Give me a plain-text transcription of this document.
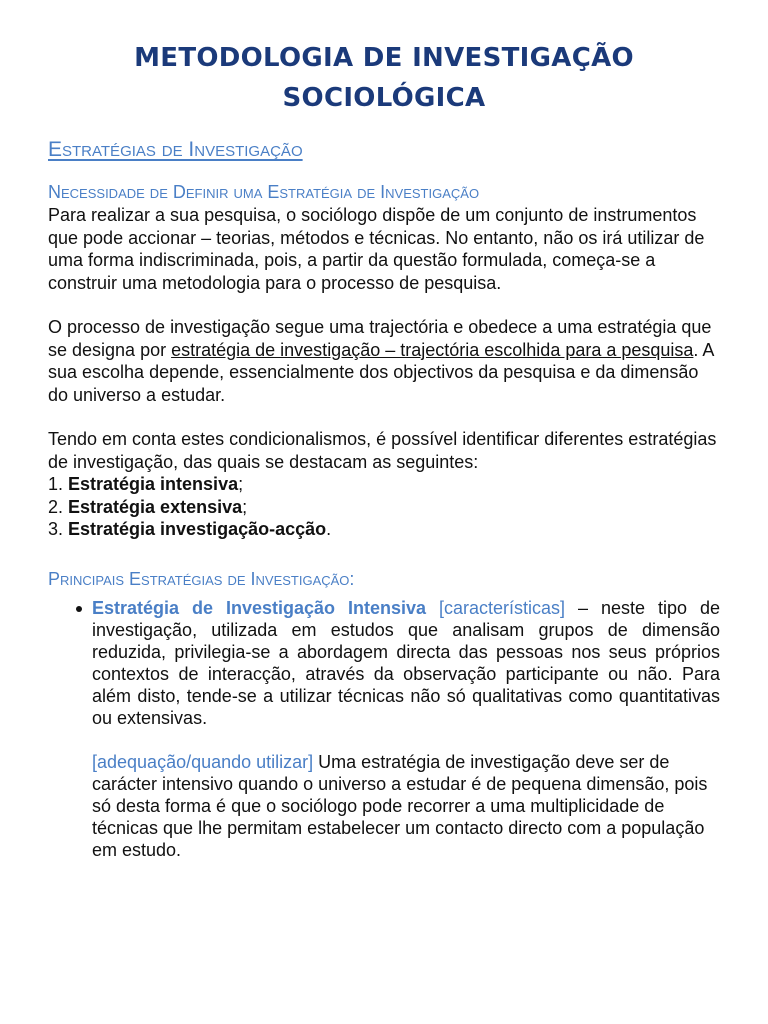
METODOLOGIA DE INVESTIGAÇÃO
SOCIOLÓGICA
Estratégias de Investigação
Necessidade de Definir uma Estratégia de Investigação

Para realizar a sua pesquisa, o sociólogo dispõe de um conjunto de instrumentos que pode accionar – teorias, métodos e técnicas. No entanto, não os irá utilizar de uma forma indiscriminada, pois, a partir da questão formulada, começa-se a construir uma metodologia para o processo de pesquisa.

O processo de investigação segue uma trajectória e obedece a uma estratégia que se designa por estratégia de investigação – trajectória escolhida para a pesquisa. A sua escolha depende, essencialmente dos objectivos da pesquisa e da dimensão do universo a estudar.

Tendo em conta estes condicionalismos, é possível identificar diferentes estratégias de investigação, das quais se destacam as seguintes:

1. Estratégia intensiva;
2. Estratégia extensiva;
3. Estratégia investigação-acção.
Principais Estratégias de Investigação:
Estratégia de Investigação Intensiva [características] – neste tipo de investigação, utilizada em estudos que analisam grupos de dimensão reduzida, privilegia-se a abordagem directa das pessoas nos seus próprios contextos de interacção, através da observação participante ou não. Para além disto, tende-se a utilizar técnicas não só qualitativas como quantitativas ou extensivas.
[adequação/quando utilizar] Uma estratégia de investigação deve ser de carácter intensivo quando o universo a estudar é de pequena dimensão, pois só desta forma é que o sociólogo pode recorrer a uma multiplicidade de técnicas que lhe permitam estabelecer um contacto directo com a população em estudo.
